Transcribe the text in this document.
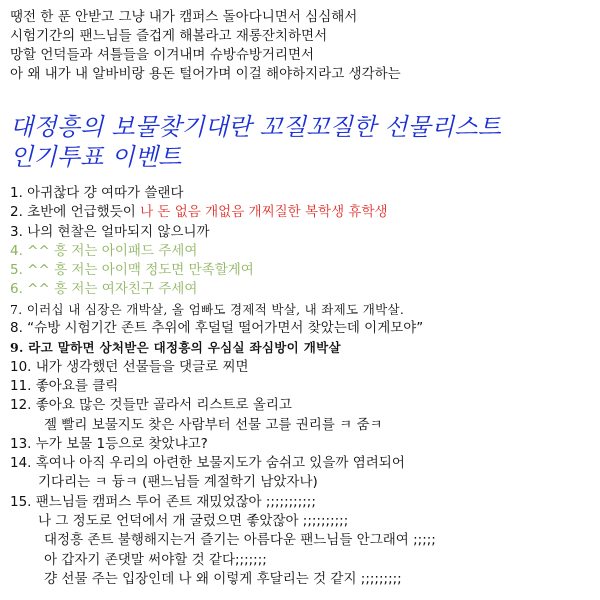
땡전 한 푼 안받고 그냥 내가 캠퍼스 돌아다니면서 심심해서
시험기간의 팬느님들 즐겁게 해볼라고 재롱잔치하면서
망할 언덕들과 셔틀들을 이겨내며 슈방슈방거리면서
아 왜 내가 내 알바비랑 용돈 털어가며 이걸 해야하지라고 생각하는
대정흥의 보물찾기대란 꼬질꼬질한 선물리스트
인기투표 이벤트
1. 아귀찮다 걍 여따가 쓸랜다
2. 초반에 언급했듯이 나 돈 없음 개없음 개찌질한 복학생 휴학생
3. 나의 현찰은 얼마되지 않으니까
4. ^^ 흥 저는 아이패드 주세여
5. ^^ 흥 저는 아이맥 정도면 만족할게여
6. ^^ 흥 저는 여자친구 주세여
7. 이러십 내 심장은 개박살, 올 엄빠도 경제적 박살, 내 좌제도 개박살.
8. “슈방 시험기간 존트 추위에 후덜덜 떨어가면서 찾았는데 이게모야”
9. 라고 말하면 상처받은 대정흥의 우심실 좌심방이 개박살
10. 내가 생각했던 선물들을 댓글로 찌면
11. 좋아요를 클릭
12. 좋아요 많은 것들만 골라서 리스트로 올리고
젤 빨리 보물지도 찾은 사람부터 선물 고를 권리를 ㅋ 줌ㅋ
13. 누가 보물 1등으로 찾았냐고?
14. 혹여나 아직 우리의 아련한 보물지도가 숨쉬고 있을까 염려되어
기다리는 ㅋ 듕ㅋ (팬느님들 계절학기 남았자나)
15. 팬느님들 캠퍼스 투어 존트 재밌었잖아 ;;;;;;;;;;;
나 그 정도로 언덕에서 개 굴렀으면 좋았잖아 ;;;;;;;;;;
대정흥 존트 불행해지는거 즐기는 아름다운 팬느님들 안그래여 ;;;;;
아 갑자기 존댓말 써야할 것 같다;;;;;;;
걍 선물 주는 입장인데 나 왜 이렇게 후달리는 것 같지 ;;;;;;;;;
